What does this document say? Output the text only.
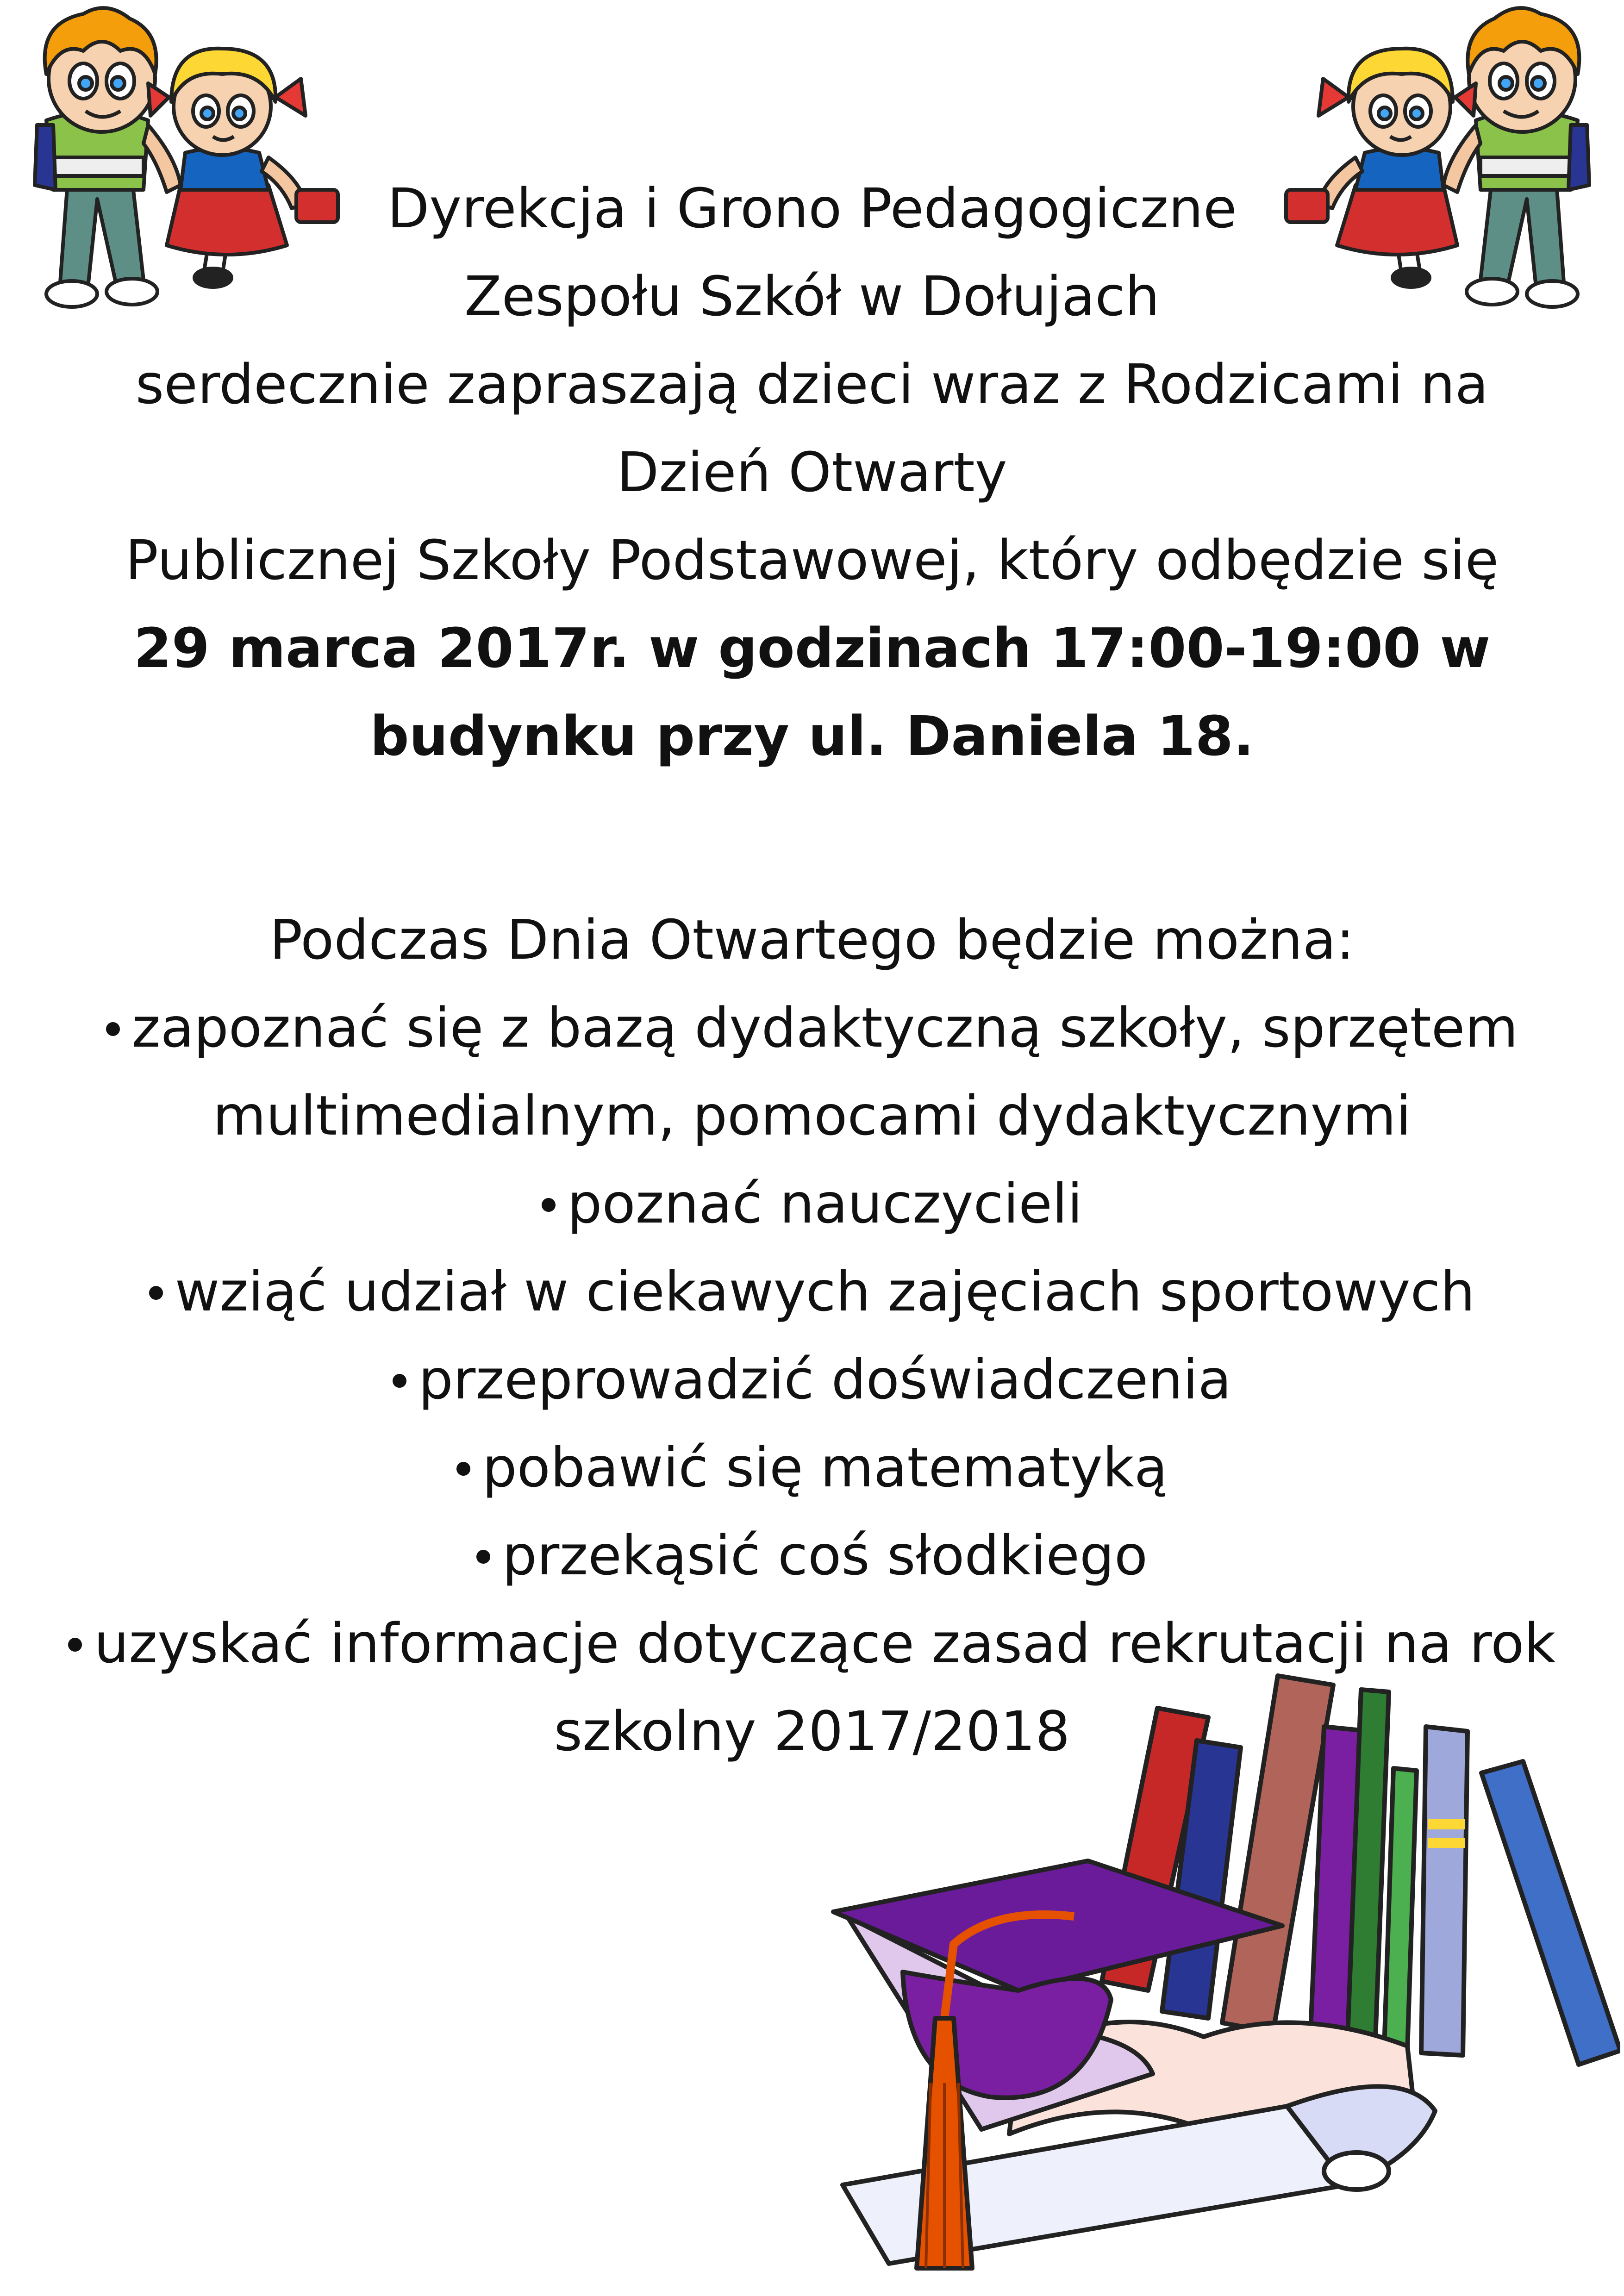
Dyrekcja i Grono Pedagogiczne

Zespołu Szkół w Dołujach

serdecznie zapraszają dzieci wraz z Rodzicami na

Dzień Otwarty

Publicznej Szkoły Podstawowej, który odbędzie się

29 marca 2017r. w godzinach 17:00-19:00 w

budynku przy ul. Daniela 18.

Podczas Dnia Otwartego będzie można:

zapoznać się z bazą dydaktyczną szkoły, sprzętem

multimedialnym, pomocami dydaktycznymi

poznać nauczycieli

wziąć udział w ciekawych zajęciach sportowych

przeprowadzić doświadczenia

pobawić się matematyką

przekąsić coś słodkiego

uzyskać informacje dotyczące zasad rekrutacji na rok

szkolny 2017/2018
